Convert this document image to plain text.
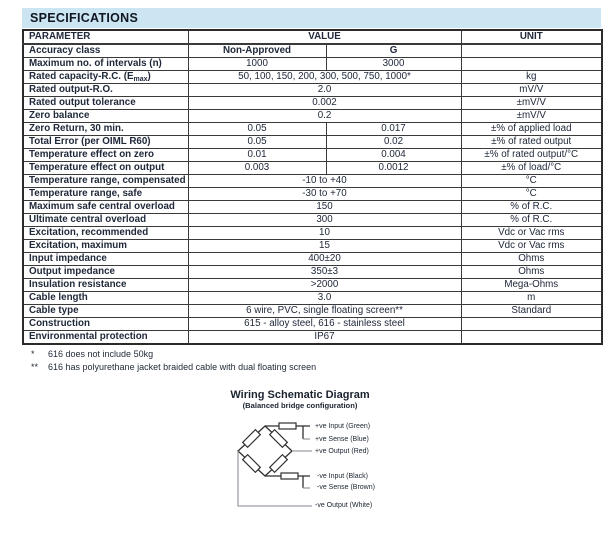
SPECIFICATIONS
PARAMETER	VALUE		UNIT
Accuracy class	Non-Approved	G	
Maximum no. of intervals (n)	1000	3000	
Rated capacity-R.C. $(E_{max})$	50, 100, 150, 200, 300, 500, 750, 1000*		kg
Rated output-R.O.	2.0		mV/V
Rated output tolerance	0.002		±mV/V
Zero balance	0.2		±mV/V
Zero Return, 30 min.	0.05	0.017	±% of applied load
Total Error (per OIML R60)	0.05	0.02	±% of rated output
Temperature effect on zero	0.01	0.004	±% of rated output/°C
Temperature effect on output	0.003	0.0012	±% of load/°C
Temperature range, compensated	-10 to +40		°C
Temperature range, safe	-30 to +70		°C
Maximum safe central overload	150		% of R.C.
Ultimate central overload	300		% of R.C.
Excitation, recommended	10		Vdc or Vac rms
Excitation, maximum	15		Vdc or Vac rms
Input impedance	400±20		Ohms
Output impedance	350±3		Ohms
Insulation resistance	>2000		Mega-Ohms
Cable length	3.0		m
Cable type	6 wire, PVC, single floating screen**		Standard
Construction	615 - alloy steel, 616 - stainless steel		
Environmental protection	IP67		
* 616 does not include 50kg
** 616 has polyurethane jacket braided cable with dual floating screen
Wiring Schematic Diagram
(Balanced bridge configuration)
+ve Input (Green)
+ve Sense (Blue)
+ve Output (Red)
-ve Input (Black)
-ve Sense (Brown)
-ve Output (White)
